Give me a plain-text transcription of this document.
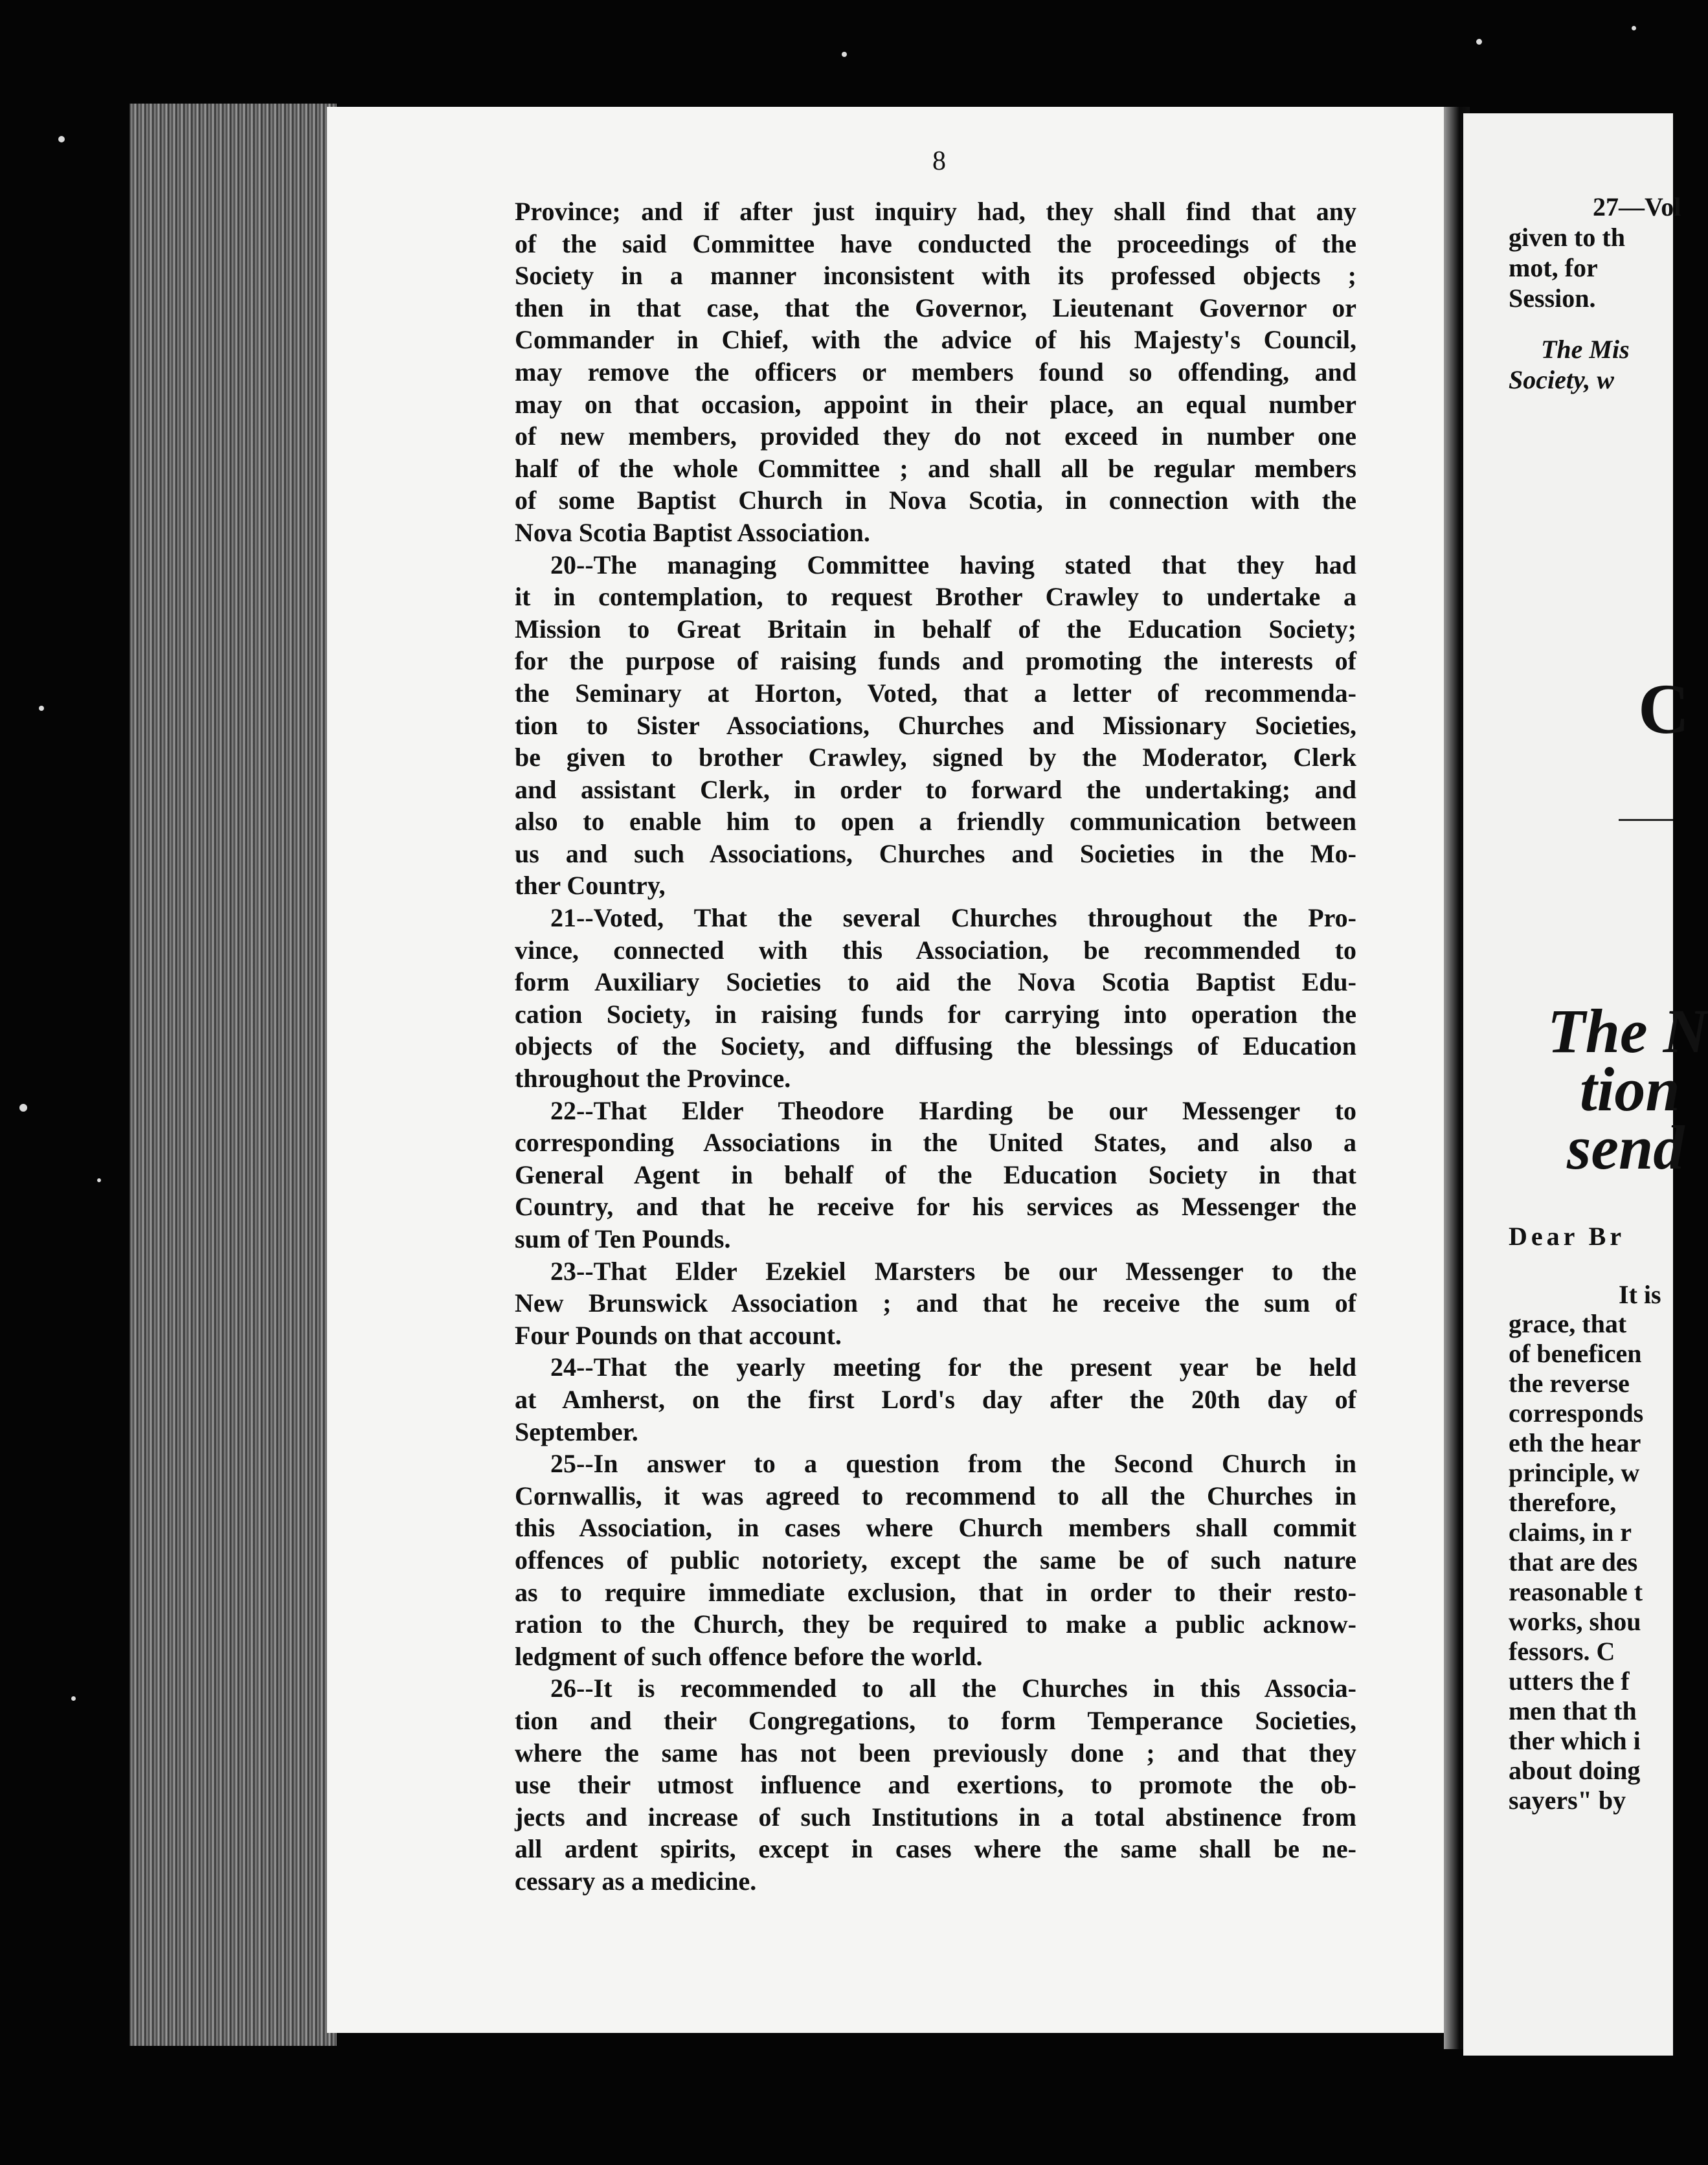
8
Province; and if after just inquiry had, they shall find that any
of the said Committee have conducted the proceedings of the
Society in a manner inconsistent with its professed objects ;
then in that case, that the Governor, Lieutenant Governor or
Commander in Chief, with the advice of his Majesty's Council,
may remove the officers or members found so offending, and
may on that occasion, appoint in their place, an equal number
of new members, provided they do not exceed in number one
half of the whole Committee ; and shall all be regular members
of some Baptist Church in Nova Scotia, in connection with the
Nova Scotia Baptist Association.
20--The managing Committee having stated that they had
it in contemplation, to request Brother Crawley to undertake a
Mission to Great Britain in behalf of the Education Society;
for the purpose of raising funds and promoting the interests of
the Seminary at Horton, Voted, that a letter of recommenda-
tion to Sister Associations, Churches and Missionary Societies,
be given to brother Crawley, signed by the Moderator, Clerk
and assistant Clerk, in order to forward the undertaking; and
also to enable him to open a friendly communication between
us and such Associations, Churches and Societies in the Mo-
ther Country,
21--Voted, That the several Churches throughout the Pro-
vince, connected with this Association, be recommended to
form Auxiliary Societies to aid the Nova Scotia Baptist Edu-
cation Society, in raising funds for carrying into operation the
objects of the Society, and diffusing the blessings of Education
throughout the Province.
22--That Elder Theodore Harding be our Messenger to
corresponding Associations in the United States, and also a
General Agent in behalf of the Education Society in that
Country, and that he receive for his services as Messenger the
sum of Ten Pounds.
23--That Elder Ezekiel Marsters be our Messenger to the
New Brunswick Association ; and that he receive the sum of
Four Pounds on that account.
24--That the yearly meeting for the present year be held
at Amherst, on the first Lord's day after the 20th day of
September.
25--In answer to a question from the Second Church in
Cornwallis, it was agreed to recommend to all the Churches in
this Association, in cases where Church members shall commit
offences of public notoriety, except the same be of such nature
as to require immediate exclusion, that in order to their resto-
ration to the Church, they be required to make a public acknow-
ledgment of such offence before the world.
26--It is recommended to all the Churches in this Associa-
tion and their Congregations, to form Temperance Societies,
where the same has not been previously done ; and that they
use their utmost influence and exertions, to promote the ob-
jects and increase of such Institutions in a total abstinence from
all ardent spirits, except in cases where the same shall be ne-
cessary as a medicine.
27—Vol
given to th
mot, for
Session.
The Mis
Society, w
C
The N
tion
send
Dear Br
It is
grace, that
of beneficen
the reverse
corresponds
eth the hear
principle, w
therefore,
claims, in r
that are des
reasonable t
works, shou
fessors. C
utters the f
men that th
ther which i
about doing
sayers" by
